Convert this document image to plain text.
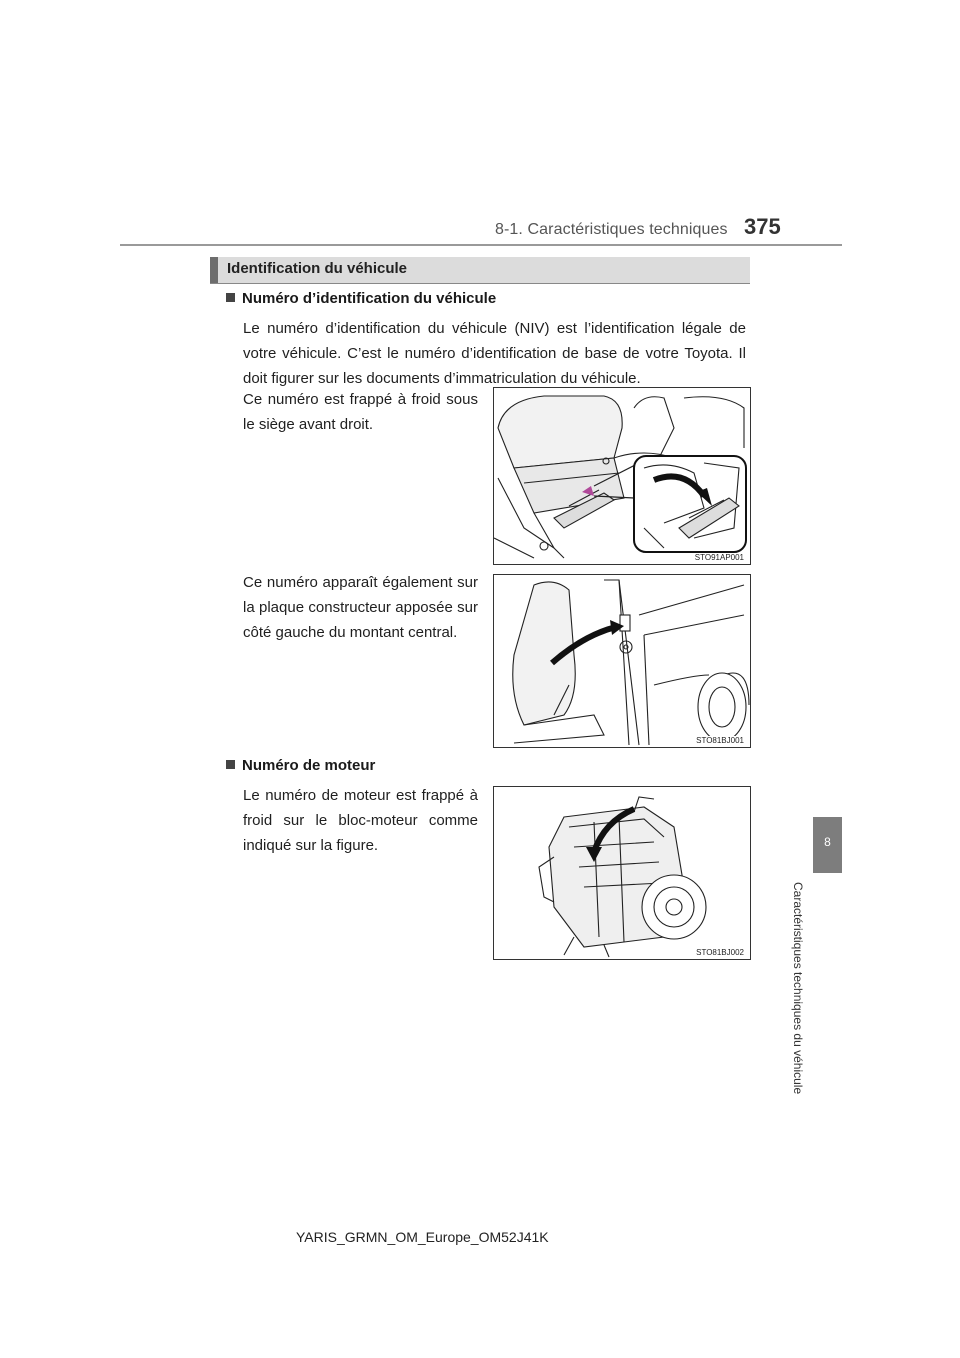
8-1. Caractéristiques techniques 375
Identification du véhicule
Numéro d’identification du véhicule
Le numéro d’identification du véhicule (NIV) est l’identification légale de votre véhicule. C’est le numéro d’identification de base de votre Toyota. Il doit figurer sur les documents d’immatriculation du véhicule.
Ce numéro est frappé à froid sous le siège avant droit.
STO91AP001
Ce numéro apparaît également sur la plaque constructeur apposée sur côté gauche du montant central.
STO81BJ001
Numéro de moteur
Le numéro de moteur est frappé à froid sur le bloc-moteur comme indiqué sur la figure.
STO81BJ002
8
Caractéristiques techniques du véhicule
YARIS_GRMN_OM_Europe_OM52J41K
